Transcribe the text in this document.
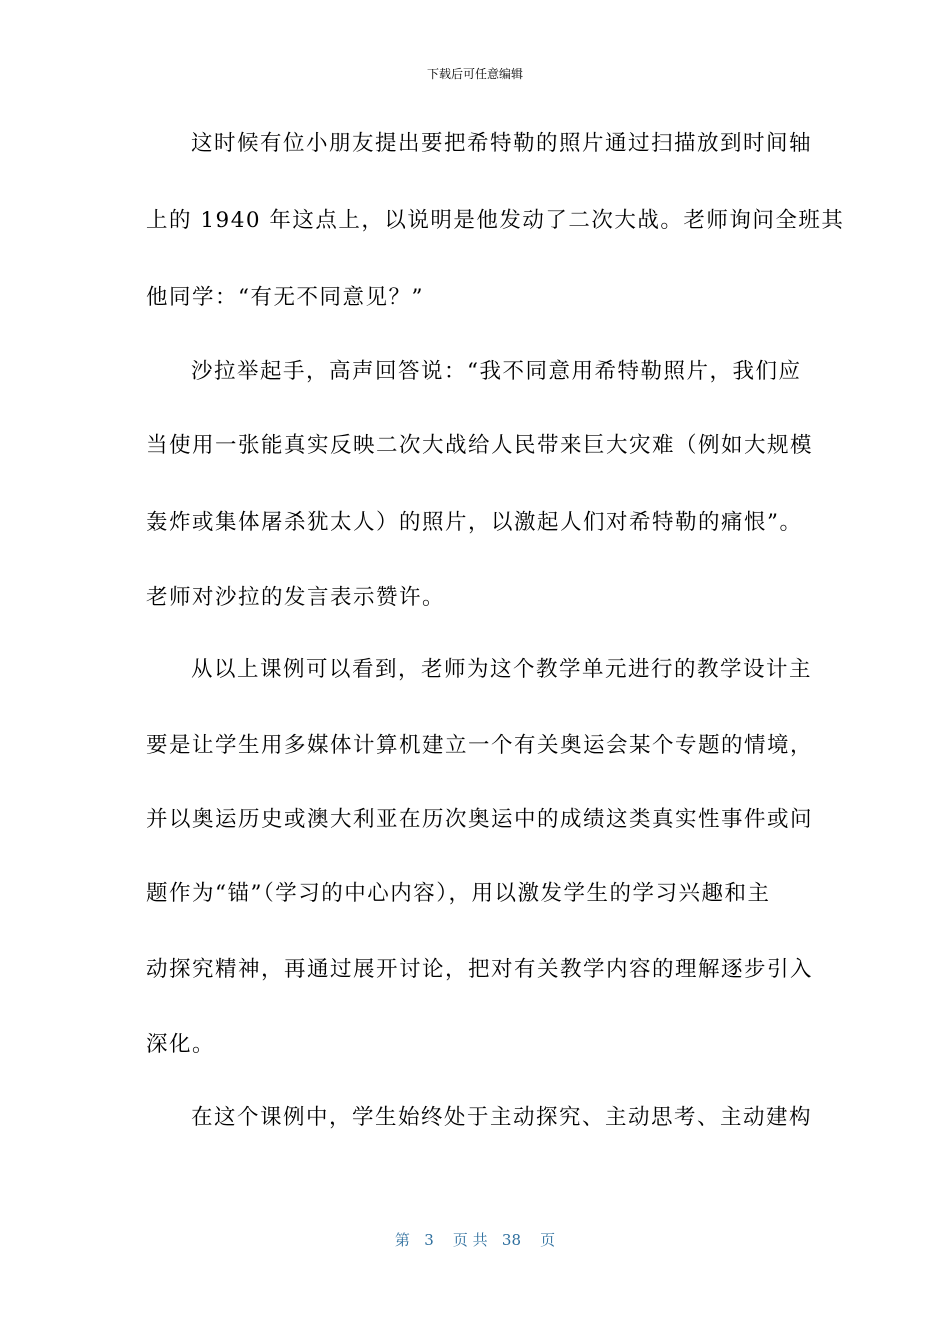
下载后可任意编辑
这时候有位小朋友提出要把希特勒的照片通过扫描放到时间轴
上的 1940 年这点上，以说明是他发动了二次大战。老师询问全班其
他同学：“有无不同意见？”
沙拉举起手，高声回答说：“我不同意用希特勒照片，我们应
当使用一张能真实反映二次大战给人民带来巨大灾难（例如大规模
轰炸或集体屠杀犹太人）的照片，以激起人们对希特勒的痛恨”。
老师对沙拉的发言表示赞许。
从以上课例可以看到，老师为这个教学单元进行的教学设计主
要是让学生用多媒体计算机建立一个有关奥运会某个专题的情境，
并以奥运历史或澳大利亚在历次奥运中的成绩这类真实性事件或问
题作为“锚”（学习的中心内容），用以激发学生的学习兴趣和主
动探究精神，再通过展开讨论，把对有关教学内容的理解逐步引入
深化。
在这个课例中，学生始终处于主动探究、主动思考、主动建构
第 3 页 共 38 页
